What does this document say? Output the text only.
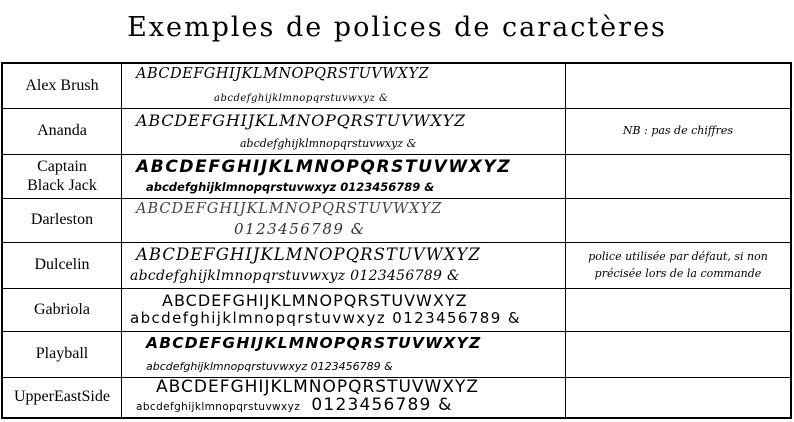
Exemples de polices de caractères
Alex Brush
ABCDEFGHIJKLMNOPQRSTUVWXYZ
abcdefghijklmnopqrstuvwxyz &
Ananda
ABCDEFGHIJKLMNOPQRSTUVWXYZ
abcdefghijklmnopqrstuvwxyz &
NB : pas de chiffres
Captain
Black Jack
ABCDEFGHIJKLMNOPQRSTUVWXYZ
abcdefghijklmnopqrstuvwxyz 0123456789 &
Darleston
ABCDEFGHIJKLMNOPQRSTUVWXYZ
0123456789 &
Dulcelin
ABCDEFGHIJKLMNOPQRSTUVWXYZ
abcdefghijklmnopqrstuvwxyz 0123456789 &
police utilisée par défaut, si non
précisée lors de la commande
Gabriola	ABCDEFGHIJKLMNOPQRSTUVWXYZ
abcdefghijklmnopqrstuvwxyz 0123456789 &
Playball
ABCDEFGHIJKLMNOPQRSTUVWXYZ
abcdefghijklmnopqrstuvwxyz 0123456789 &
UpperEastSide	ABCDEFGHIJKLMNOPQRSTUVWXYZ
abcdefghijklmnopqrstuvwxyz 0123456789 &
